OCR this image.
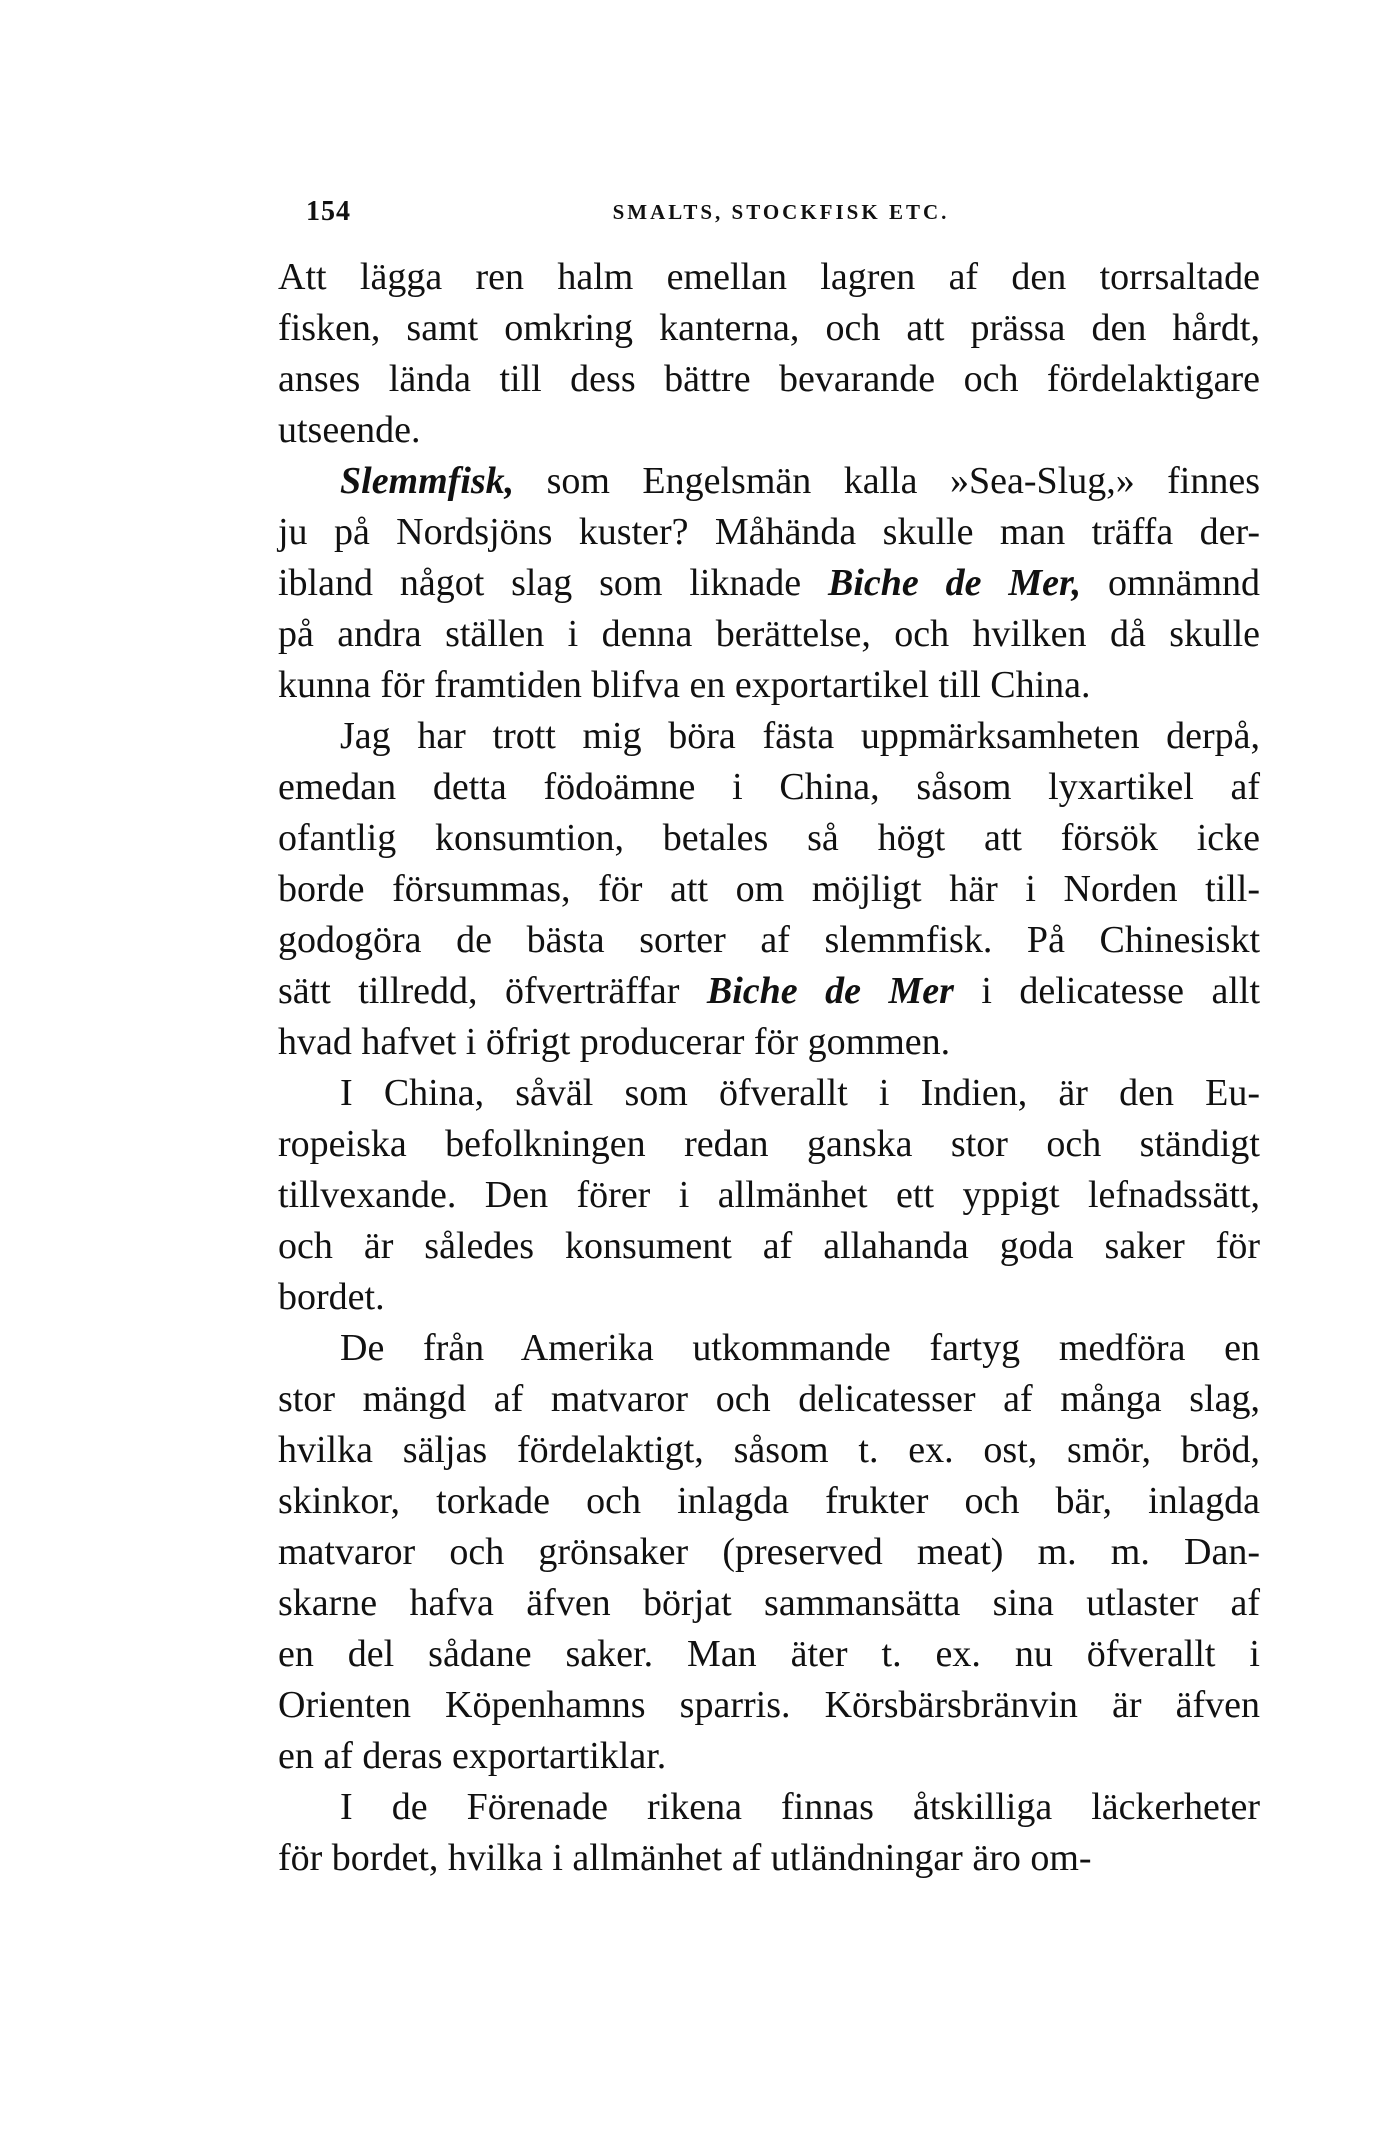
154	SMALTS, STOCKFISK ETC.
Att lägga ren halm emellan lagren af den torrsaltade
fisken, samt omkring kanterna, och att prässa den hårdt,
anses lända till dess bättre bevarande och fördelaktigare
utseende.
Slemmfisk, som Engelsmän kalla »Sea-Slug,» finnes
ju på Nordsjöns kuster? Måhända skulle man träffa der-
ibland något slag som liknade Biche de Mer, omnämnd
på andra ställen i denna berättelse, och hvilken då skulle
kunna för framtiden blifva en exportartikel till China.
Jag har trott mig böra fästa uppmärksamheten derpå,
emedan detta födoämne i China, såsom lyxartikel af
ofantlig konsumtion, betales så högt att försök icke
borde försummas, för att om möjligt här i Norden till-
godogöra de bästa sorter af slemmfisk. På Chinesiskt
sätt tillredd, öfverträffar Biche de Mer i delicatesse allt
hvad hafvet i öfrigt producerar för gommen.
I China, såväl som öfverallt i Indien, är den Eu-
ropeiska befolkningen redan ganska stor och ständigt
tillvexande. Den förer i allmänhet ett yppigt lefnadssätt,
och är således konsument af allahanda goda saker för
bordet.
De från Amerika utkommande fartyg medföra en
stor mängd af matvaror och delicatesser af många slag,
hvilka säljas fördelaktigt, såsom t. ex. ost, smör, bröd,
skinkor, torkade och inlagda frukter och bär, inlagda
matvaror och grönsaker (preserved meat) m. m. Dan-
skarne hafva äfven börjat sammansätta sina utlaster af
en del sådane saker. Man äter t. ex. nu öfverallt i
Orienten Köpenhamns sparris. Körsbärsbränvin är äfven
en af deras exportartiklar.
I de Förenade rikena finnas åtskilliga läckerheter
för bordet, hvilka i allmänhet af utländningar äro om-
